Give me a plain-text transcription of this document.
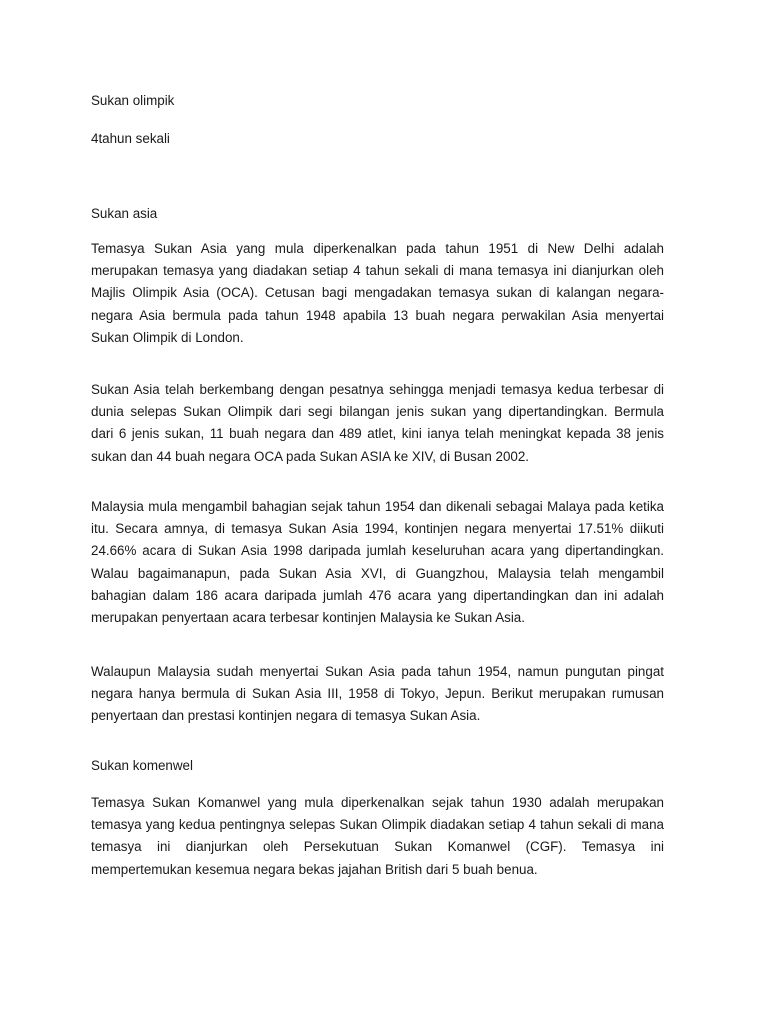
Sukan olimpik
4tahun sekali
Sukan asia
Temasya Sukan Asia yang mula diperkenalkan pada tahun 1951 di New Delhi adalah
merupakan temasya yang diadakan setiap 4 tahun sekali di mana temasya ini dianjurkan oleh
Majlis Olimpik Asia (OCA). Cetusan bagi mengadakan temasya sukan di kalangan negara-
negara Asia bermula pada tahun 1948 apabila 13 buah negara perwakilan Asia menyertai
Sukan Olimpik di London.
Sukan Asia telah berkembang dengan pesatnya sehingga menjadi temasya kedua terbesar di
dunia selepas Sukan Olimpik dari segi bilangan jenis sukan yang dipertandingkan. Bermula
dari 6 jenis sukan, 11 buah negara dan 489 atlet, kini ianya telah meningkat kepada 38 jenis
sukan dan 44 buah negara OCA pada Sukan ASIA ke XIV, di Busan 2002.
Malaysia mula mengambil bahagian sejak tahun 1954 dan dikenali sebagai Malaya pada ketika
itu. Secara amnya, di temasya Sukan Asia 1994, kontinjen negara menyertai 17.51% diikuti
24.66% acara di Sukan Asia 1998 daripada jumlah keseluruhan acara yang dipertandingkan.
Walau bagaimanapun, pada Sukan Asia XVI, di Guangzhou, Malaysia telah mengambil
bahagian dalam 186 acara daripada jumlah 476 acara yang dipertandingkan dan ini adalah
merupakan penyertaan acara terbesar kontinjen Malaysia ke Sukan Asia.
Walaupun Malaysia sudah menyertai Sukan Asia pada tahun 1954, namun pungutan pingat
negara hanya bermula di Sukan Asia III, 1958 di Tokyo, Jepun. Berikut merupakan rumusan
penyertaan dan prestasi kontinjen negara di temasya Sukan Asia.
Sukan komenwel
Temasya Sukan Komanwel yang mula diperkenalkan sejak tahun 1930 adalah merupakan
temasya yang kedua pentingnya selepas Sukan Olimpik diadakan setiap 4 tahun sekali di mana
temasya ini dianjurkan oleh Persekutuan Sukan Komanwel (CGF). Temasya ini
mempertemukan kesemua negara bekas jajahan British dari 5 buah benua.
